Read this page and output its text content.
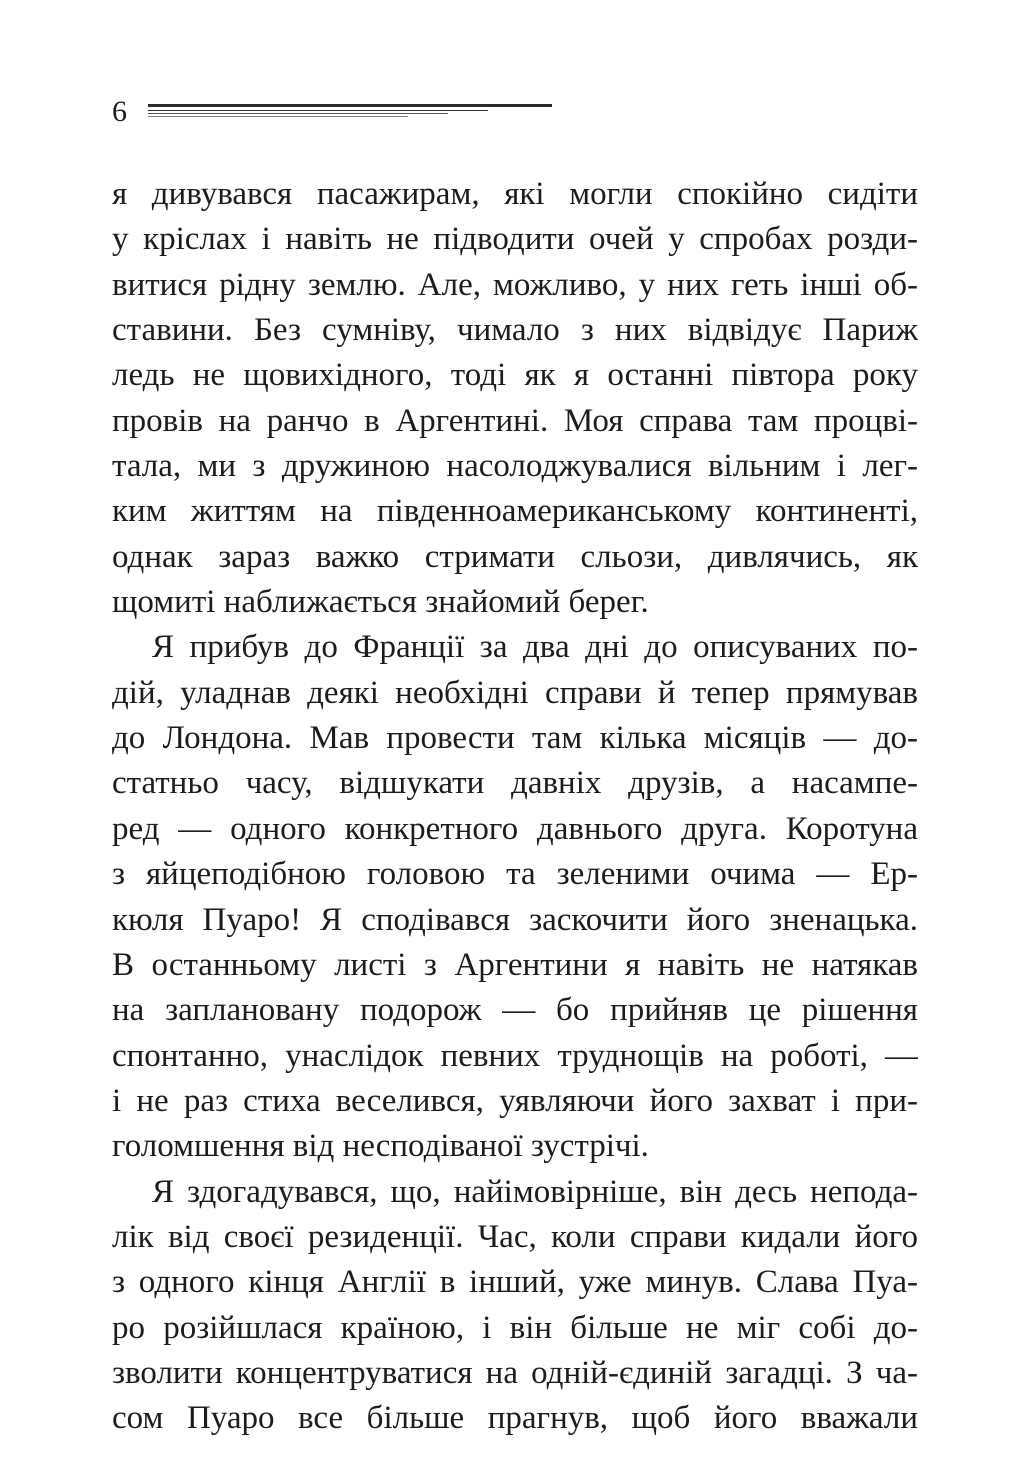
6

я дивувався пасажирам, які могли спокійно сидіти
у кріслах і навіть не підводити очей у спробах розди-
витися рідну землю. Але, можливо, у них геть інші об-
ставини. Без сумніву, чимало з них відвідує Париж
ледь не щовихідного, тоді як я останні півтора року
провів на ранчо в Аргентині. Моя справа там процві-
тала, ми з дружиною насолоджувалися вільним і лег-
ким життям на південноамериканському континенті,
однак зараз важко стримати сльози, дивлячись, як
щомиті наближається знайомий берег.

Я прибув до Франції за два дні до описуваних по-
дій, уладнав деякі необхідні справи й тепер прямував
до Лондона. Мав провести там кілька місяців — до-
статньо часу, відшукати давніх друзів, а насампе-
ред — одного конкретного давнього друга. Коротуна
з яйцеподібною головою та зеленими очима — Ер-
кюля Пуаро! Я сподівався заскочити його зненацька.
В останньому листі з Аргентини я навіть не натякав
на заплановану подорож — бо прийняв це рішення
спонтанно, унаслідок певних труднощів на роботі, —
і не раз стиха веселився, уявляючи його захват і при-
голомшення від несподіваної зустрічі.

Я здогадувався, що, найімовірніше, він десь непода-
лік від своєї резиденції. Час, коли справи кидали його
з одного кінця Англії в інший, уже минув. Слава Пуа-
ро розійшлася країною, і він більше не міг собі до-
зволити концентруватися на одній-єдиній загадці. З ча-
сом Пуаро все більше прагнув, щоб його вважали
